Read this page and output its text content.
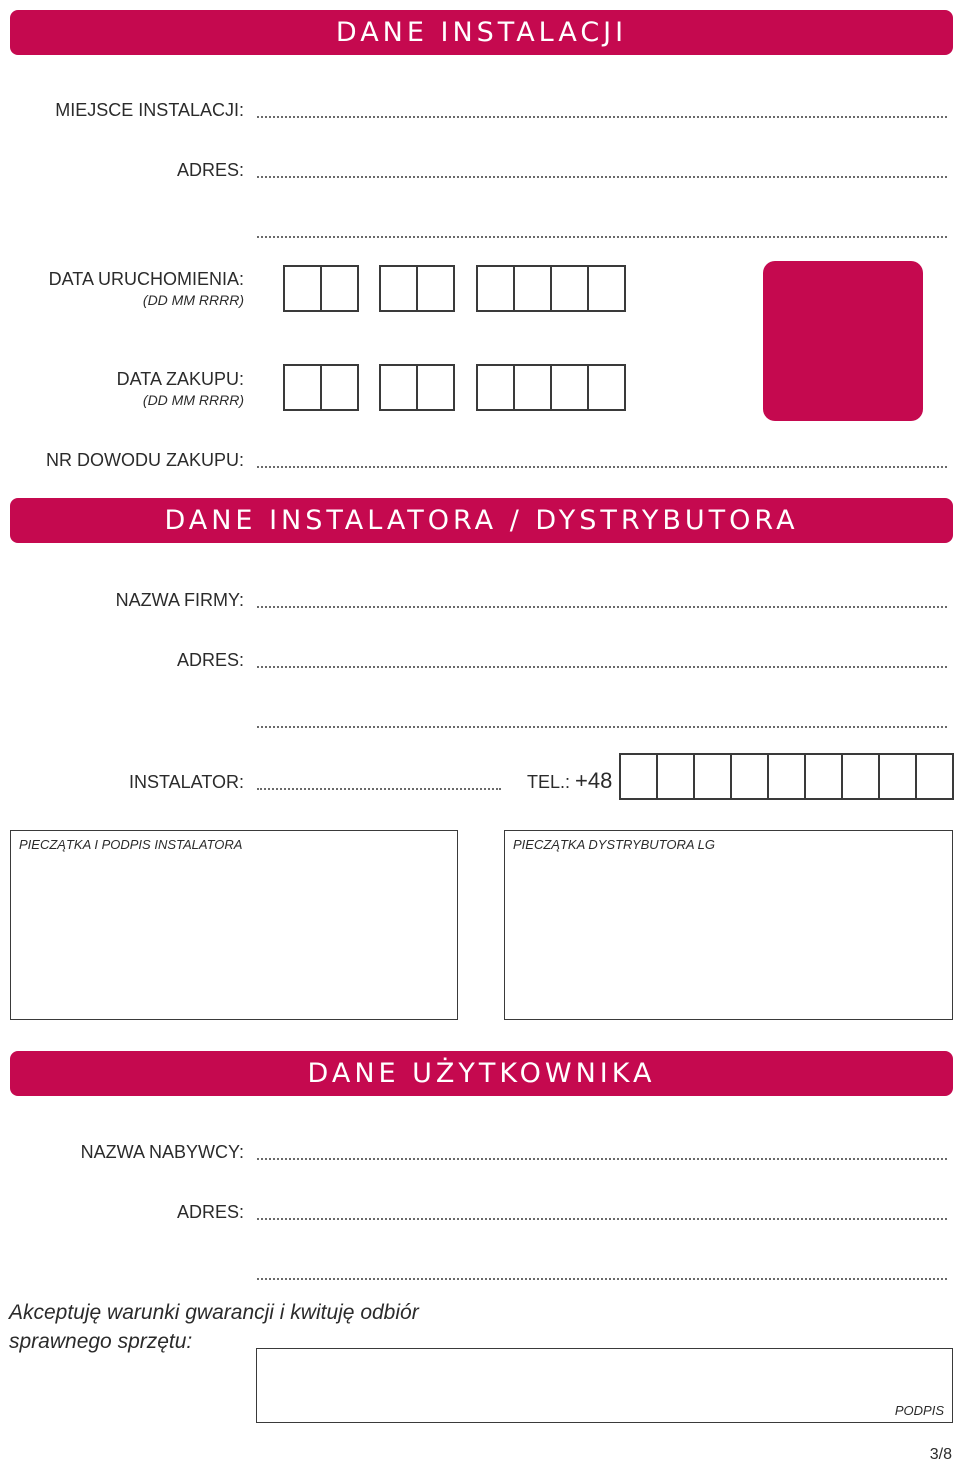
DANE INSTALACJI
MIEJSCE INSTALACJI:
ADRES:
DATA URUCHOMIENIA:
(DD MM RRRR)
DATA ZAKUPU:
(DD MM RRRR)
NR DOWODU ZAKUPU:
DANE INSTALATORA / DYSTRYBUTORA
NAZWA FIRMY:
ADRES:
INSTALATOR:	TEL.: +48
PIECZĄTKA I PODPIS INSTALATORA	PIECZĄTKA DYSTRYBUTORA LG
DANE UŻYTKOWNIKA
NAZWA NABYWCY:
ADRES:
Akceptuję warunki gwarancji i kwituję odbiór sprawnego sprzętu:
PODPIS
3/8
